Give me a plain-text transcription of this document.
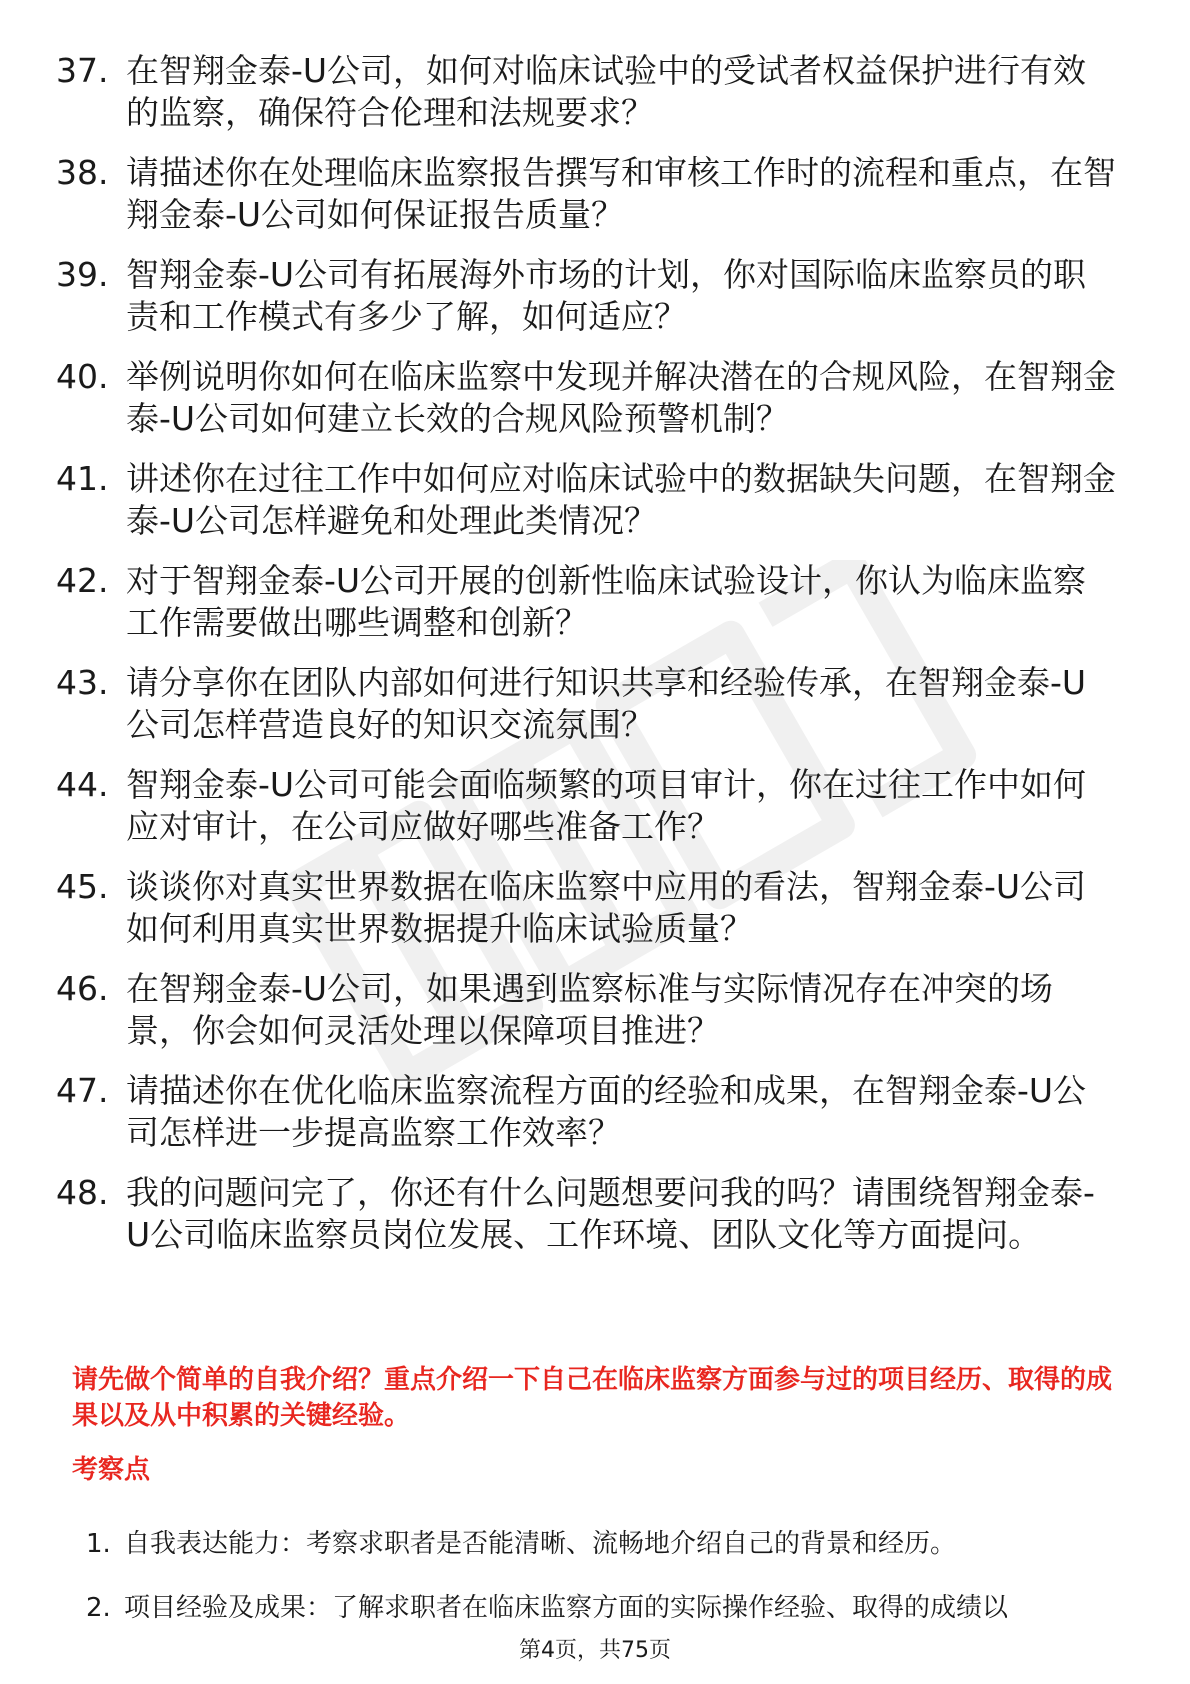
37. 在智翔金泰-U公司，如何对临床试验中的受试者权益保护进行有效的监察，确保符合伦理和法规要求？
38. 请描述你在处理临床监察报告撰写和审核工作时的流程和重点，在智翔金泰-U公司如何保证报告质量？
39. 智翔金泰-U公司有拓展海外市场的计划，你对国际临床监察员的职责和工作模式有多少了解，如何适应？
40. 举例说明你如何在临床监察中发现并解决潜在的合规风险，在智翔金泰-U公司如何建立长效的合规风险预警机制？
41. 讲述你在过往工作中如何应对临床试验中的数据缺失问题，在智翔金泰-U公司怎样避免和处理此类情况？
42. 对于智翔金泰-U公司开展的创新性临床试验设计，你认为临床监察工作需要做出哪些调整和创新？
43. 请分享你在团队内部如何进行知识共享和经验传承，在智翔金泰-U公司怎样营造良好的知识交流氛围？
44. 智翔金泰-U公司可能会面临频繁的项目审计，你在过往工作中如何应对审计，在公司应做好哪些准备工作？
45. 谈谈你对真实世界数据在临床监察中应用的看法，智翔金泰-U公司如何利用真实世界数据提升临床试验质量？
46. 在智翔金泰-U公司，如果遇到监察标准与实际情况存在冲突的场景，你会如何灵活处理以保障项目推进？
47. 请描述你在优化临床监察流程方面的经验和成果，在智翔金泰-U公司怎样进一步提高监察工作效率？
48. 我的问题问完了，你还有什么问题想要问我的吗？请围绕智翔金泰-U公司临床监察员岗位发展、工作环境、团队文化等方面提问。

请先做个简单的自我介绍？重点介绍一下自己在临床监察方面参与过的项目经历、取得的成果以及从中积累的关键经验。

考察点
1. 自我表达能力：考察求职者是否能清晰、流畅地介绍自己的背景和经历。
2. 项目经验及成果：了解求职者在临床监察方面的实际操作经验、取得的成绩以
第4页，共75页
